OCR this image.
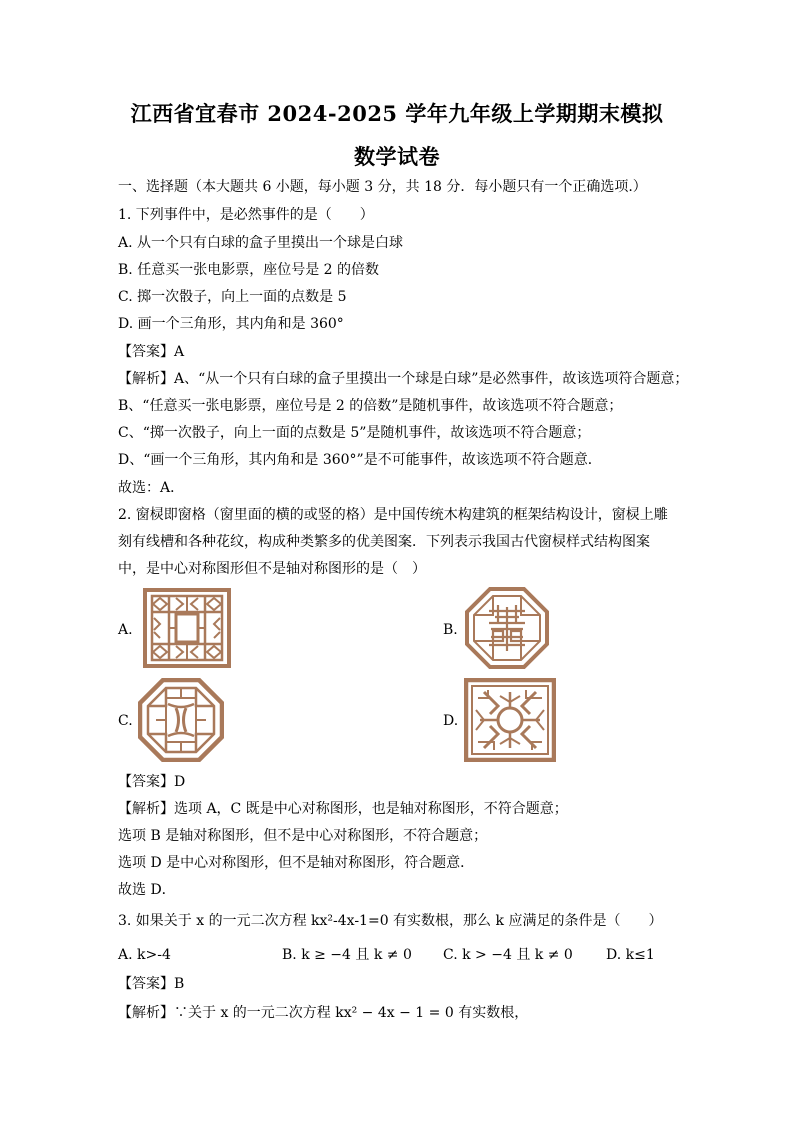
江西省宜春市 2024-2025 学年九年级上学期期末模拟
数学试卷
一、选择题（本大题共 6 小题，每小题 3 分，共 18 分．每小题只有一个正确选项.）
1. 下列事件中，是必然事件的是（　　）
A. 从一个只有白球的盒子里摸出一个球是白球
B. 任意买一张电影票，座位号是 2 的倍数
C. 掷一次骰子，向上一面的点数是 5
D. 画一个三角形，其内角和是 360°
【答案】A
【解析】A、“从一个只有白球的盒子里摸出一个球是白球”是必然事件，故该选项符合题意；
B、“任意买一张电影票，座位号是 2 的倍数”是随机事件，故该选项不符合题意；
C、“掷一次骰子，向上一面的点数是 5”是随机事件，故该选项不符合题意；
D、“画一个三角形，其内角和是 360°”是不可能事件，故该选项不符合题意．
故选：A．
2. 窗棂即窗格（窗里面的横的或竖的格）是中国传统木构建筑的框架结构设计，窗棂上雕
刻有线槽和各种花纹，构成种类繁多的优美图案．下列表示我国古代窗棂样式结构图案
中，是中心对称图形但不是轴对称图形的是（　）
A.	B.
C.	D.
【答案】D
【解析】选项 A，C 既是中心对称图形，也是轴对称图形，不符合题意；
选项 B 是轴对称图形，但不是中心对称图形，不符合题意；
选项 D 是中心对称图形，但不是轴对称图形，符合题意．
故选 D．
3. 如果关于 x 的一元二次方程 kx²-4x-1=0 有实数根，那么 k 应满足的条件是（　　）
A. k>-4	B. k ≥ −4 且 k ≠ 0 C. k > −4 且 k ≠ 0 D. k≤1
【答案】B
【解析】∵关于 x 的一元二次方程 kx² − 4x − 1 = 0 有实数根，
